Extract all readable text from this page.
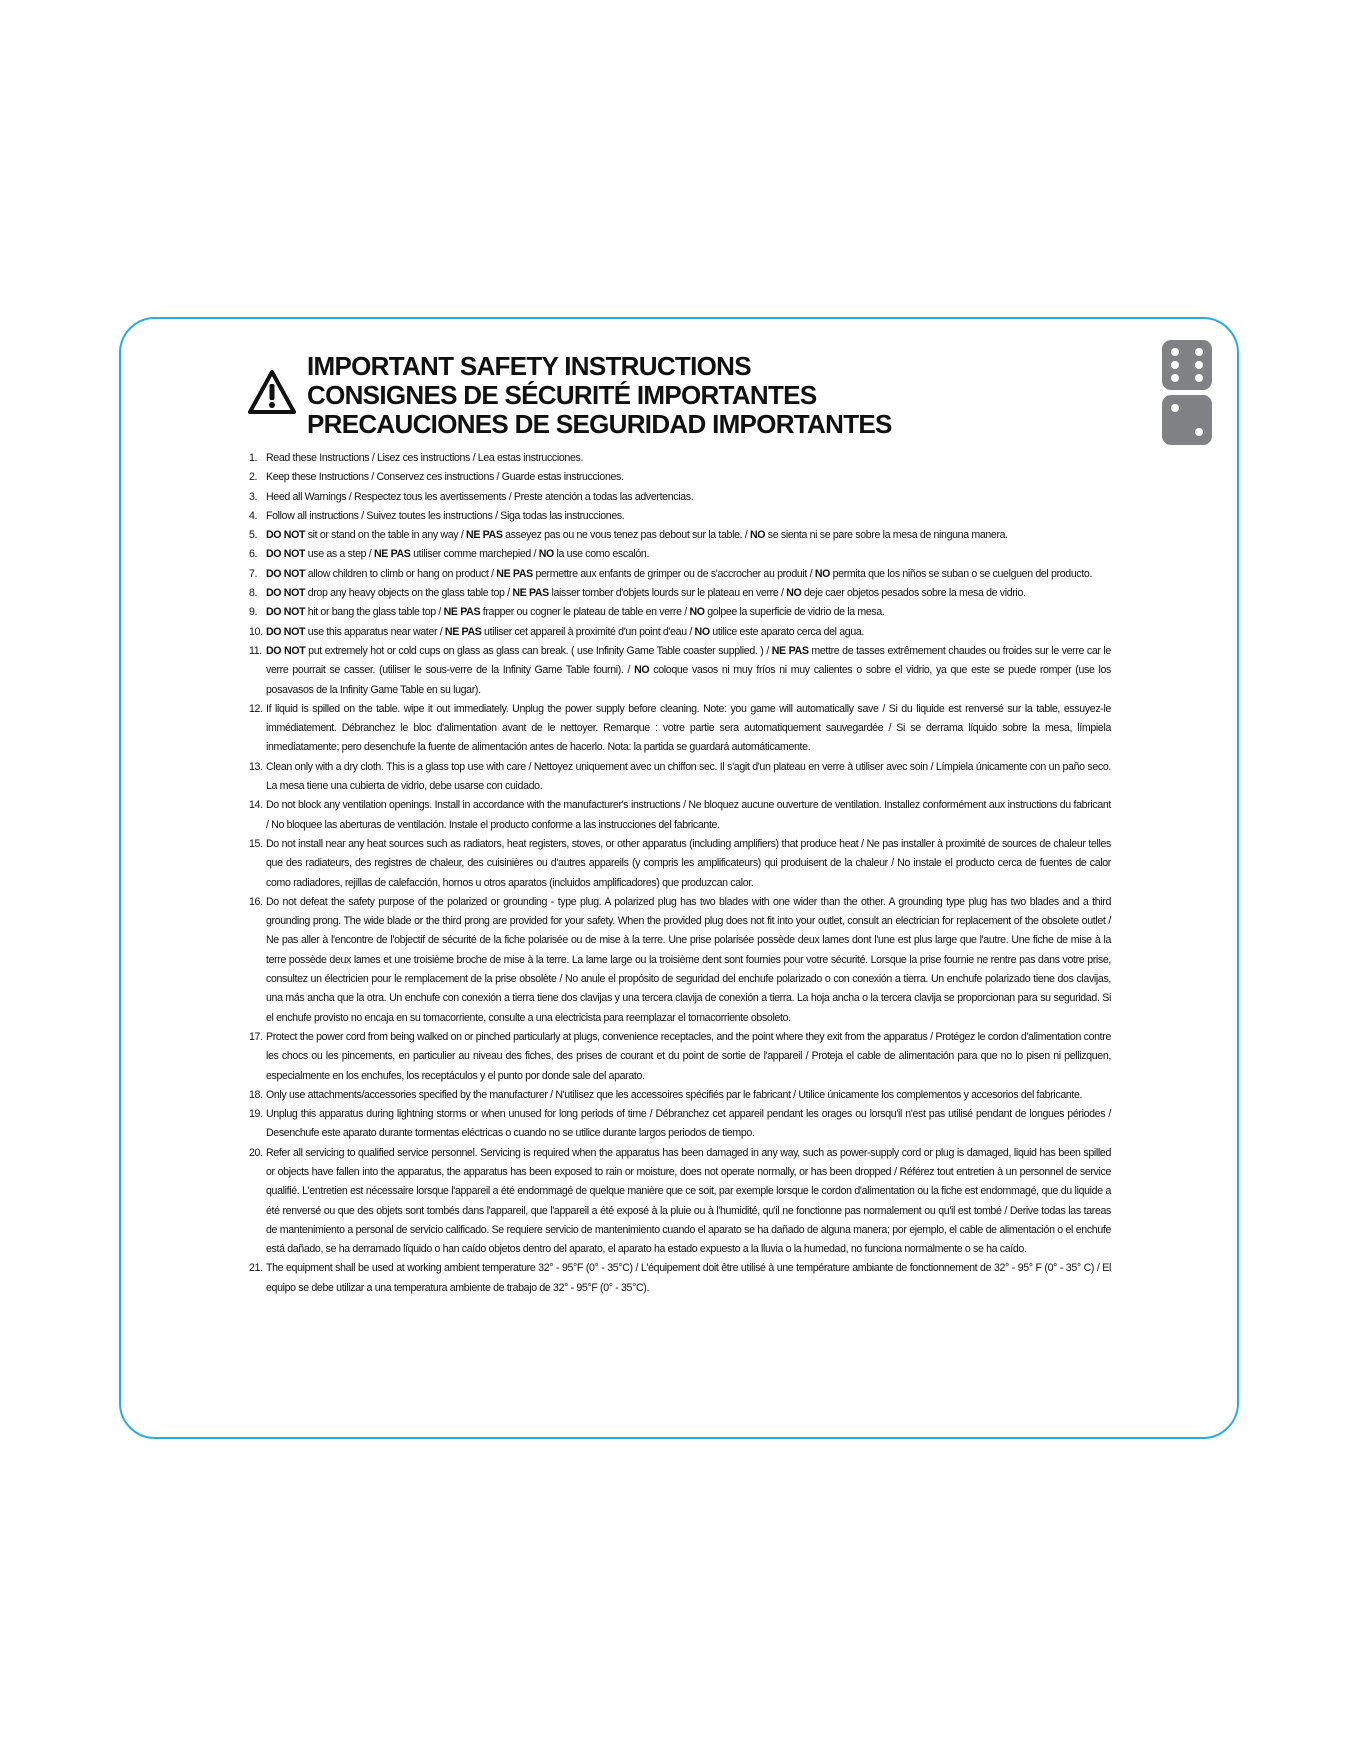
IMPORTANT SAFETY INSTRUCTIONS
CONSIGNES DE SÉCURITÉ IMPORTANTES
PRECAUCIONES DE SEGURIDAD IMPORTANTES
1. Read these Instructions / Lisez ces instructions / Lea estas instrucciones.
2. Keep these Instructions / Conservez ces instructions / Guarde estas instrucciones.
3. Heed all Warnings / Respectez tous les avertissements / Preste atención a todas las advertencias.
4. Follow all instructions / Suivez toutes les instructions / Siga todas las instrucciones.
5. DO NOT sit or stand on the table in any way / NE PAS asseyez pas ou ne vous tenez pas debout sur la table. / NO se sienta ni se pare sobre la mesa de ninguna manera.
6. DO NOT use as a step / NE PAS utiliser comme marchepied / NO la use como escalón.
7. DO NOT allow children to climb or hang on product / NE PAS permettre aux enfants de grimper ou de s'accrocher au produit / NO permita que los niños se suban o se cuelguen del producto.
8. DO NOT drop any heavy objects on the glass table top / NE PAS laisser tomber d'objets lourds sur le plateau en verre / NO deje caer objetos pesados sobre la mesa de vidrio.
9. DO NOT hit or bang the glass table top / NE PAS frapper ou cogner le plateau de table en verre / NO golpee la superficie de vidrio de la mesa.
10. DO NOT use this apparatus near water / NE PAS utiliser cet appareil à proximité d'un point d'eau / NO utilice este aparato cerca del agua.
11. DO NOT put extremely hot or cold cups on glass as glass can break. ( use Infinity Game Table coaster supplied. ) / NE PAS mettre de tasses extrêmement chaudes ou froides sur le verre car le verre pourrait se casser. (utiliser le sous-verre de la Infinity Game Table fourni). / NO coloque vasos ni muy fríos ni muy calientes o sobre el vidrio, ya que este se puede romper (use los posavasos de la Infinity Game Table en su lugar).
12. If liquid is spilled on the table. wipe it out immediately. Unplug the power supply before cleaning. Note: you game will automatically save / Si du liquide est renversé sur la table, essuyez-le immédiatement. Débranchez le bloc d'alimentation avant de le nettoyer. Remarque : votre partie sera automatiquement sauvegardée / Si se derrama líquido sobre la mesa, límpiela inmediatamente; pero desenchufe la fuente de alimentación antes de hacerlo. Nota: la partida se guardará automáticamente.
13. Clean only with a dry cloth. This is a glass top use with care / Nettoyez uniquement avec un chiffon sec. Il s'agit d'un plateau en verre à utiliser avec soin / Límpiela únicamente con un paño seco. La mesa tiene una cubierta de vidrio, debe usarse con cuidado.
14. Do not block any ventilation openings. Install in accordance with the manufacturer's instructions / Ne bloquez aucune ouverture de ventilation. Installez conformément aux instructions du fabricant / No bloquee las aberturas de ventilación. Instale el producto conforme a las instrucciones del fabricante.
15. Do not install near any heat sources such as radiators, heat registers, stoves, or other apparatus (including amplifiers) that produce heat / Ne pas installer à proximité de sources de chaleur telles que des radiateurs, des registres de chaleur, des cuisinières ou d'autres appareils (y compris les amplificateurs) qui produisent de la chaleur / No instale el producto cerca de fuentes de calor como radiadores, rejillas de calefacción, hornos u otros aparatos (incluidos amplificadores) que produzcan calor.
16. Do not defeat the safety purpose of the polarized or grounding - type plug. A polarized plug has two blades with one wider than the other. A grounding type plug has two blades and a third grounding prong. The wide blade or the third prong are provided for your safety. When the provided plug does not fit into your outlet, consult an electrician for replacement of the obsolete outlet / Ne pas aller à l'encontre de l'objectif de sécurité de la fiche polarisée ou de mise à la terre. Une prise polarisée possède deux lames dont l'une est plus large que l'autre. Une fiche de mise à la terre possède deux lames et une troisième broche de mise à la terre. La lame large ou la troisième dent sont fournies pour votre sécurité. Lorsque la prise fournie ne rentre pas dans votre prise, consultez un électricien pour le remplacement de la prise obsolète / No anule el propósito de seguridad del enchufe polarizado o con conexión a tierra. Un enchufe polarizado tiene dos clavijas, una más ancha que la otra. Un enchufe con conexión a tierra tiene dos clavijas y una tercera clavija de conexión a tierra. La hoja ancha o la tercera clavija se proporcionan para su seguridad. Si el enchufe provisto no encaja en su tomacorriente, consulte a una electricista para reemplazar el tomacorriente obsoleto.
17. Protect the power cord from being walked on or pinched particularly at plugs, convenience receptacles, and the point where they exit from the apparatus / Protégez le cordon d'alimentation contre les chocs ou les pincements, en particulier au niveau des fiches, des prises de courant et du point de sortie de l'appareil / Proteja el cable de alimentación para que no lo pisen ni pellizquen, especialmente en los enchufes, los receptáculos y el punto por donde sale del aparato.
18. Only use attachments/accessories specified by the manufacturer / N'utilisez que les accessoires spécifiés par le fabricant / Utilice únicamente los complementos y accesorios del fabricante.
19. Unplug this apparatus during lightning storms or when unused for long periods of time / Débranchez cet appareil pendant les orages ou lorsqu'il n'est pas utilisé pendant de longues périodes / Desenchufe este aparato durante tormentas eléctricas o cuando no se utilice durante largos periodos de tiempo.
20. Refer all servicing to qualified service personnel. Servicing is required when the apparatus has been damaged in any way, such as power-supply cord or plug is damaged, liquid has been spilled or objects have fallen into the apparatus, the apparatus has been exposed to rain or moisture, does not operate normally, or has been dropped / Référez tout entretien à un personnel de service qualifié. L'entretien est nécessaire lorsque l'appareil a été endommagé de quelque manière que ce soit, par exemple lorsque le cordon d'alimentation ou la fiche est endommagé, que du liquide a été renversé ou que des objets sont tombés dans l'appareil, que l'appareil a été exposé à la pluie ou à l'humidité, qu'il ne fonctionne pas normalement ou qu'il est tombé / Derive todas las tareas de mantenimiento a personal de servicio calificado. Se requiere servicio de mantenimiento cuando el aparato se ha dañado de alguna manera; por ejemplo, el cable de alimentación o el enchufe está dañado, se ha derramado líquido o han caído objetos dentro del aparato, el aparato ha estado expuesto a la lluvia o la humedad, no funciona normalmente o se ha caído.
21. The equipment shall be used at working ambient temperature 32° - 95°F (0° - 35°C) / L'équipement doit être utilisé à une température ambiante de fonctionnement de 32° - 95° F (0° - 35° C) / El equipo se debe utilizar a una temperatura ambiente de trabajo de 32° - 95°F (0° - 35°C).
